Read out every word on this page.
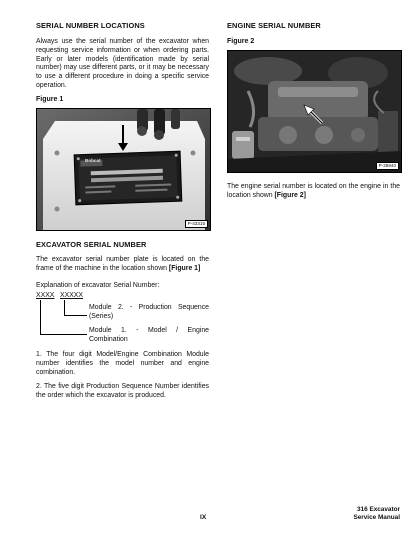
SERIAL NUMBER LOCATIONS
Always use the serial number of the excavator when requesting service information or when ordering parts. Early or later models (identification made by serial number) may use different parts, or it may be necessary to use a different procedure in doing a specific service operation.
Figure 1
Bobcat
P-43315
EXCAVATOR SERIAL NUMBER
The excavator serial number plate is located on the frame of the machine in the location shown [Figure 1]
Explanation of excavator Serial Number:
XXXX XXXXX
Module 2. - Production Sequence (Series)
Module 1. - Model / Engine Combination
1. The four digit Model/Engine Combination Module number identifies the model number and engine combination.
2. The five digit Production Sequence Number identifies the order which the excavator is produced.
ENGINE SERIAL NUMBER
Figure 2
P-28840
The engine serial number is located on the engine in the location shown [Figure 2]
IX
316 Excavator
Service Manual
